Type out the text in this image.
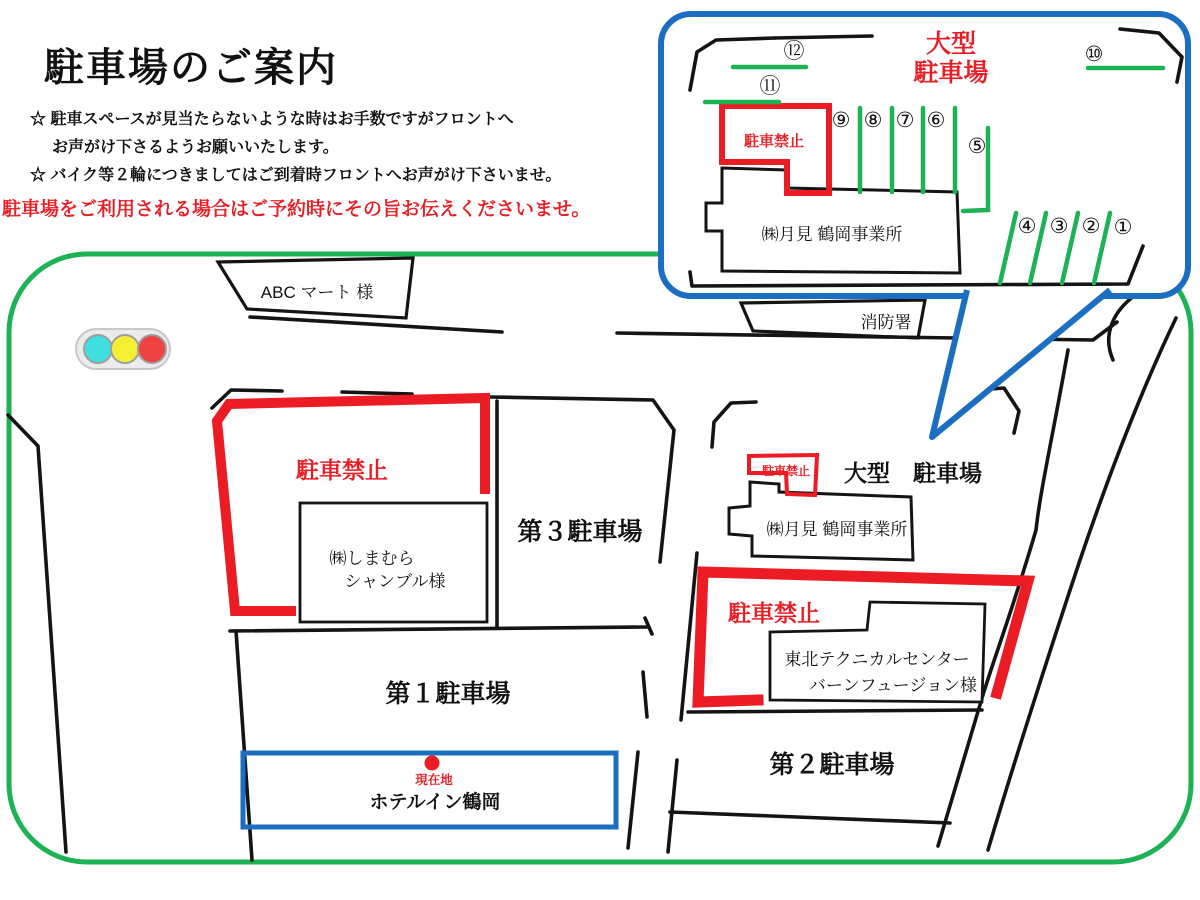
駐車場のご案内
☆ 駐車スペースが見当たらないような時はお手数ですがフロントへ
お声がけ下さるようお願いいたします。
☆ バイク等２輪につきましてはご到着時フロントへお声がけ下さいませ。
駐車場をご利用される場合はご予約時にその旨お伝えくださいませ。
ABC マート 様
消防署
駐車禁止
第３駐車場
㈱しまむら
シャンブル様
第１駐車場
駐車禁止 大型　駐車場
㈱月見 鶴岡事業所
駐車禁止
東北テクニカルセンター
バーンフュージョン様
第２駐車場
現在地
ホテルイン鶴岡
大型
駐車場
駐車禁止
㈱月見 鶴岡事業所	①
②
③
④
⑤
⑥
⑦
⑧
⑨
⑩
⑪
⑫
